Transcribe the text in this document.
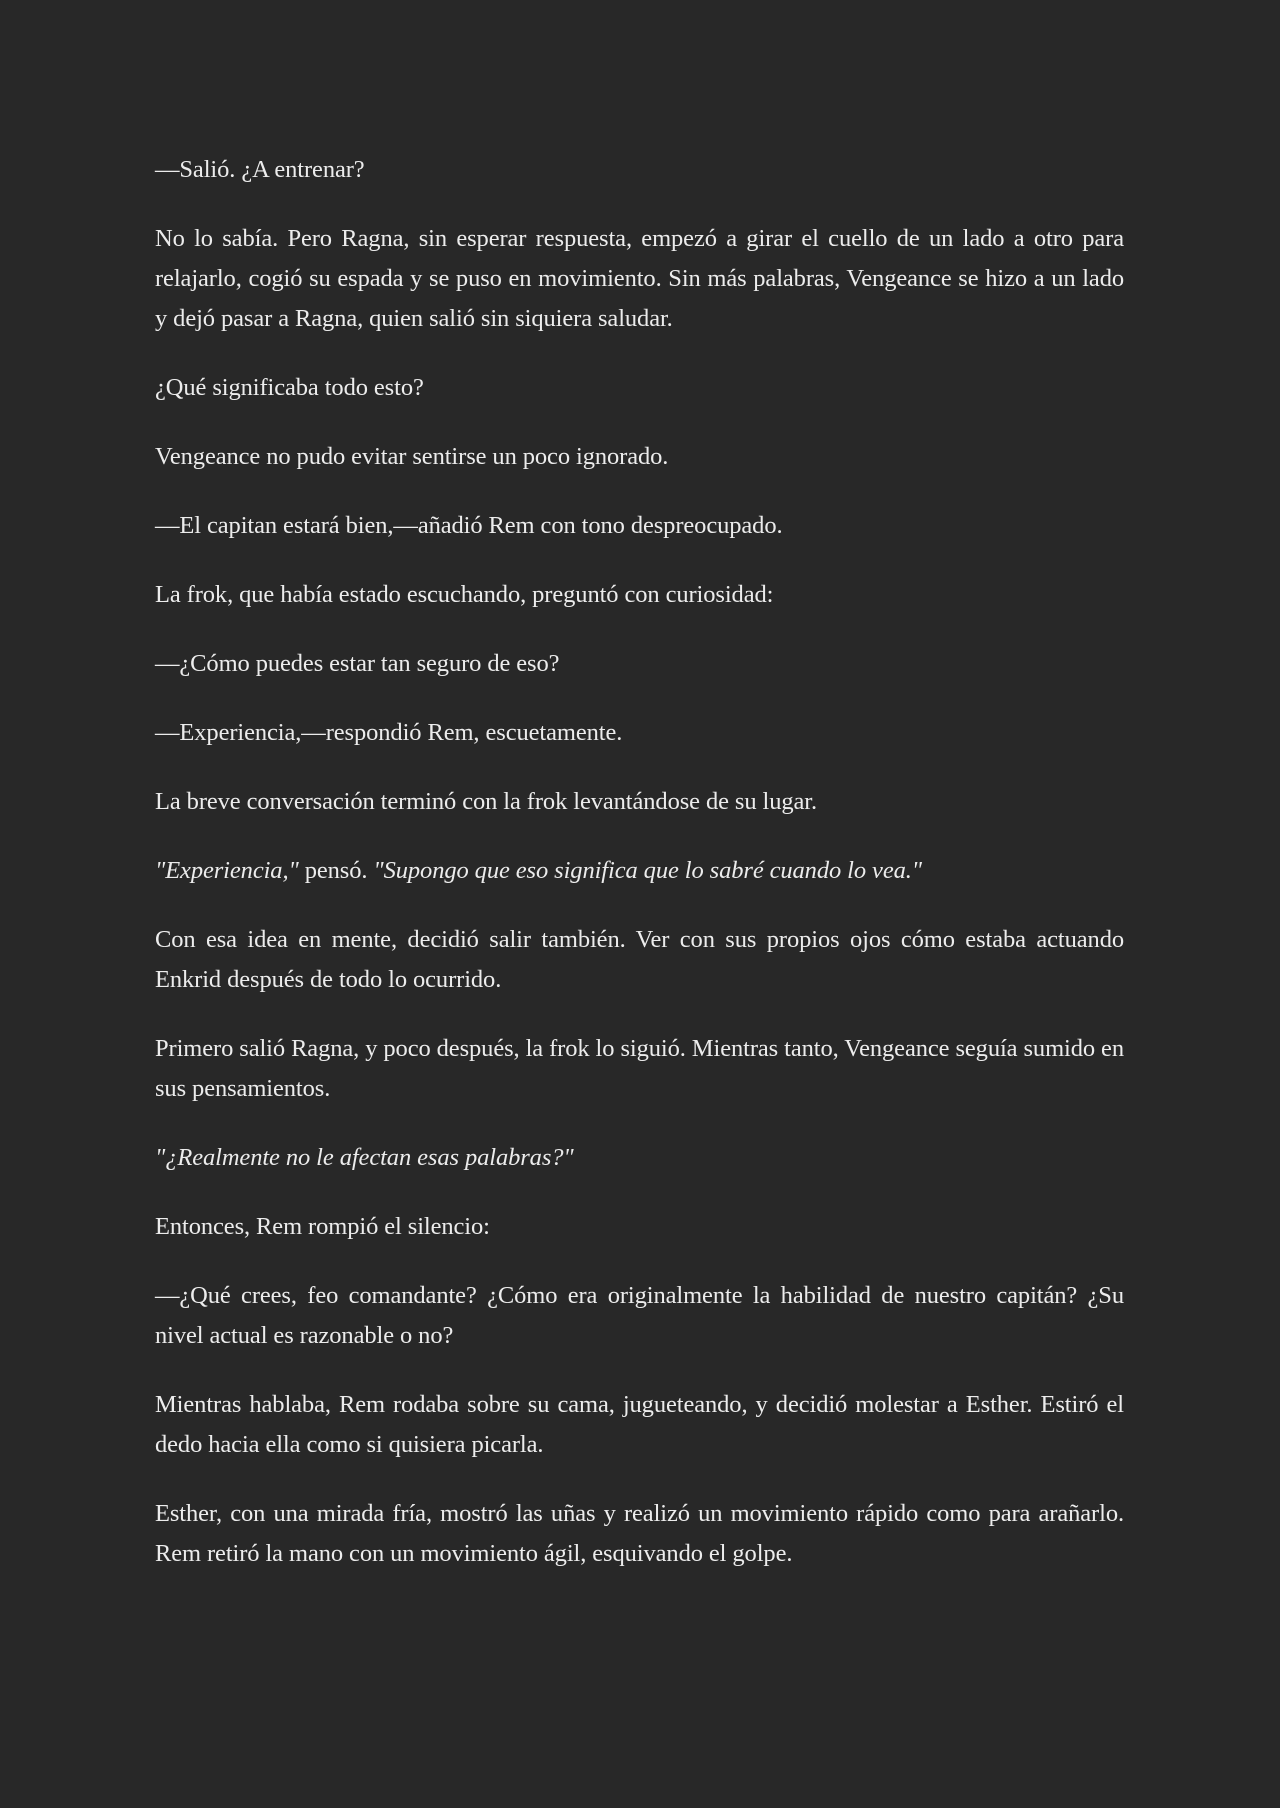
—Salió. ¿A entrenar?

No lo sabía. Pero Ragna, sin esperar respuesta, empezó a girar el cuello de un lado a otro para relajarlo, cogió su espada y se puso en movimiento. Sin más palabras, Vengeance se hizo a un lado y dejó pasar a Ragna, quien salió sin siquiera saludar.

¿Qué significaba todo esto?

Vengeance no pudo evitar sentirse un poco ignorado.

—El capitan estará bien,—añadió Rem con tono despreocupado.

La frok, que había estado escuchando, preguntó con curiosidad:

—¿Cómo puedes estar tan seguro de eso?

—Experiencia,—respondió Rem, escuetamente.

La breve conversación terminó con la frok levantándose de su lugar.

"Experiencia," pensó. "Supongo que eso significa que lo sabré cuando lo vea."

Con esa idea en mente, decidió salir también. Ver con sus propios ojos cómo estaba actuando Enkrid después de todo lo ocurrido.

Primero salió Ragna, y poco después, la frok lo siguió. Mientras tanto, Vengeance seguía sumido en sus pensamientos.

"¿Realmente no le afectan esas palabras?"

Entonces, Rem rompió el silencio:

—¿Qué crees, feo comandante? ¿Cómo era originalmente la habilidad de nuestro capitán? ¿Su nivel actual es razonable o no?

Mientras hablaba, Rem rodaba sobre su cama, jugueteando, y decidió molestar a Esther. Estiró el dedo hacia ella como si quisiera picarla.

Esther, con una mirada fría, mostró las uñas y realizó un movimiento rápido como para arañarlo. Rem retiró la mano con un movimiento ágil, esquivando el golpe.
